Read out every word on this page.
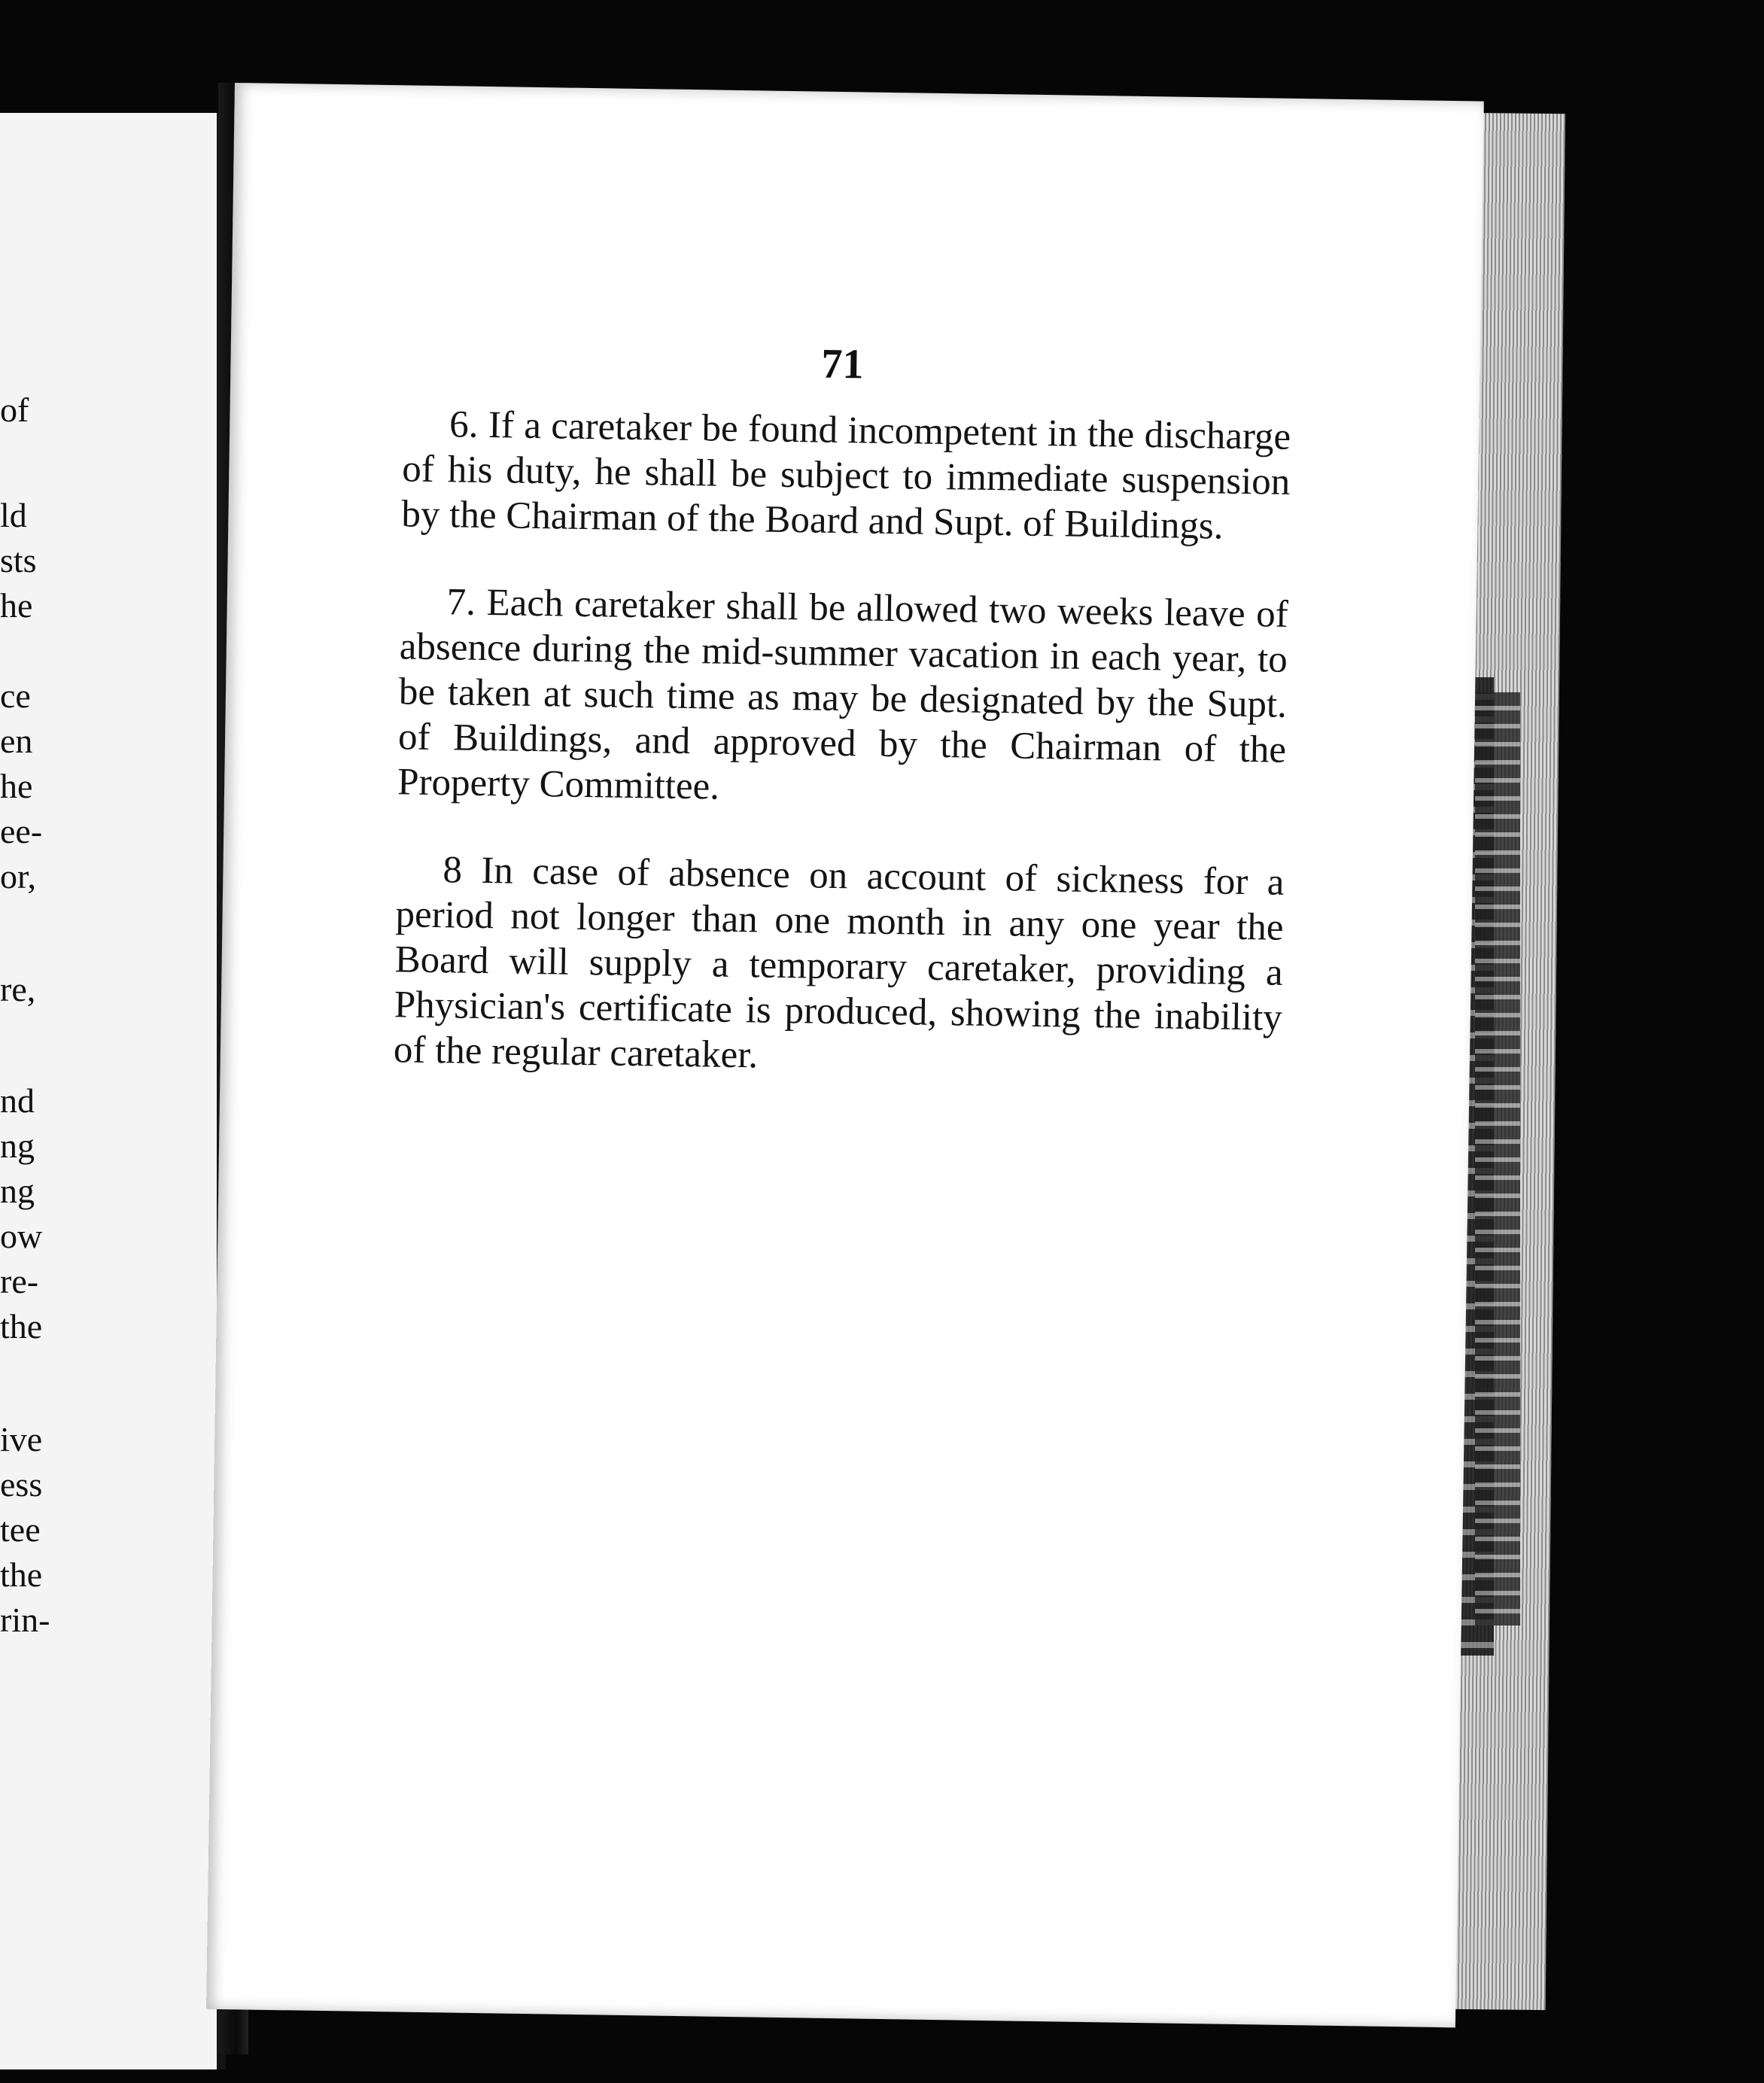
of
ld
sts
he
ce
en
he
ee-
or,
re,
nd
ng
ng
ow
re-
the
ive
ess
tee
the
rin-
71

6. If a caretaker be found incompetent in the discharge of his duty, he shall be subject to immediate suspension by the Chairman of the Board and Supt. of Buildings.

7. Each caretaker shall be allowed two weeks leave of absence during the mid-summer vacation in each year, to be taken at such time as may be designated by the Supt. of Buildings, and approved by the Chairman of the Property Committee.

8 In case of absence on account of sickness for a period not longer than one month in any one year the Board will supply a temporary caretaker, providing a Physician's certificate is produced, showing the inability of the regular caretaker.
